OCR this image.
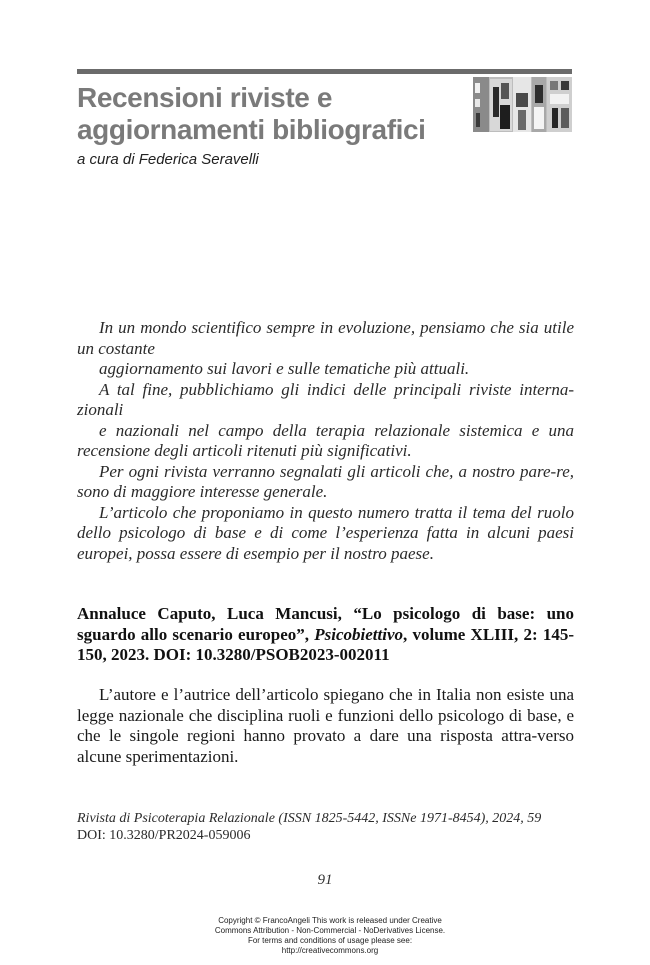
Recensioni riviste e
aggiornamenti bibliografici
a cura di Federica Seravelli

In un mondo scientifico sempre in evoluzione, pensiamo che sia utile un costante

aggiornamento sui lavori e sulle tematiche più attuali.

A tal fine, pubblichiamo gli indici delle principali riviste interna-zionali

e nazionali nel campo della terapia relazionale sistemica e una recensione degli articoli ritenuti più significativi.

Per ogni rivista verranno segnalati gli articoli che, a nostro pare-re, sono di maggiore interesse generale.

L’articolo che proponiamo in questo numero tratta il tema del ruolo dello psicologo di base e di come l’esperienza fatta in alcuni paesi europei, possa essere di esempio per il nostro paese.

Annaluce Caputo, Luca Mancusi, “Lo psicologo di base: uno sguardo allo scenario europeo”, Psicobiettivo, volume XLIII, 2: 145-150, 2023. DOI: 10.3280/PSOB2023-002011

L’autore e l’autrice dell’articolo spiegano che in Italia non esiste una legge nazionale che disciplina ruoli e funzioni dello psicologo di base, e che le singole regioni hanno provato a dare una risposta attra-verso alcune sperimentazioni.

Rivista di Psicoterapia Relazionale (ISSN 1825-5442, ISSNe 1971-8454), 2024, 59
DOI: 10.3280/PR2024-059006
91
Copyright © FrancoAngeli This work is released under Creative
Commons Attribution - Non-Commercial - NoDerivatives License.
For terms and conditions of usage please see:
http://creativecommons.org
